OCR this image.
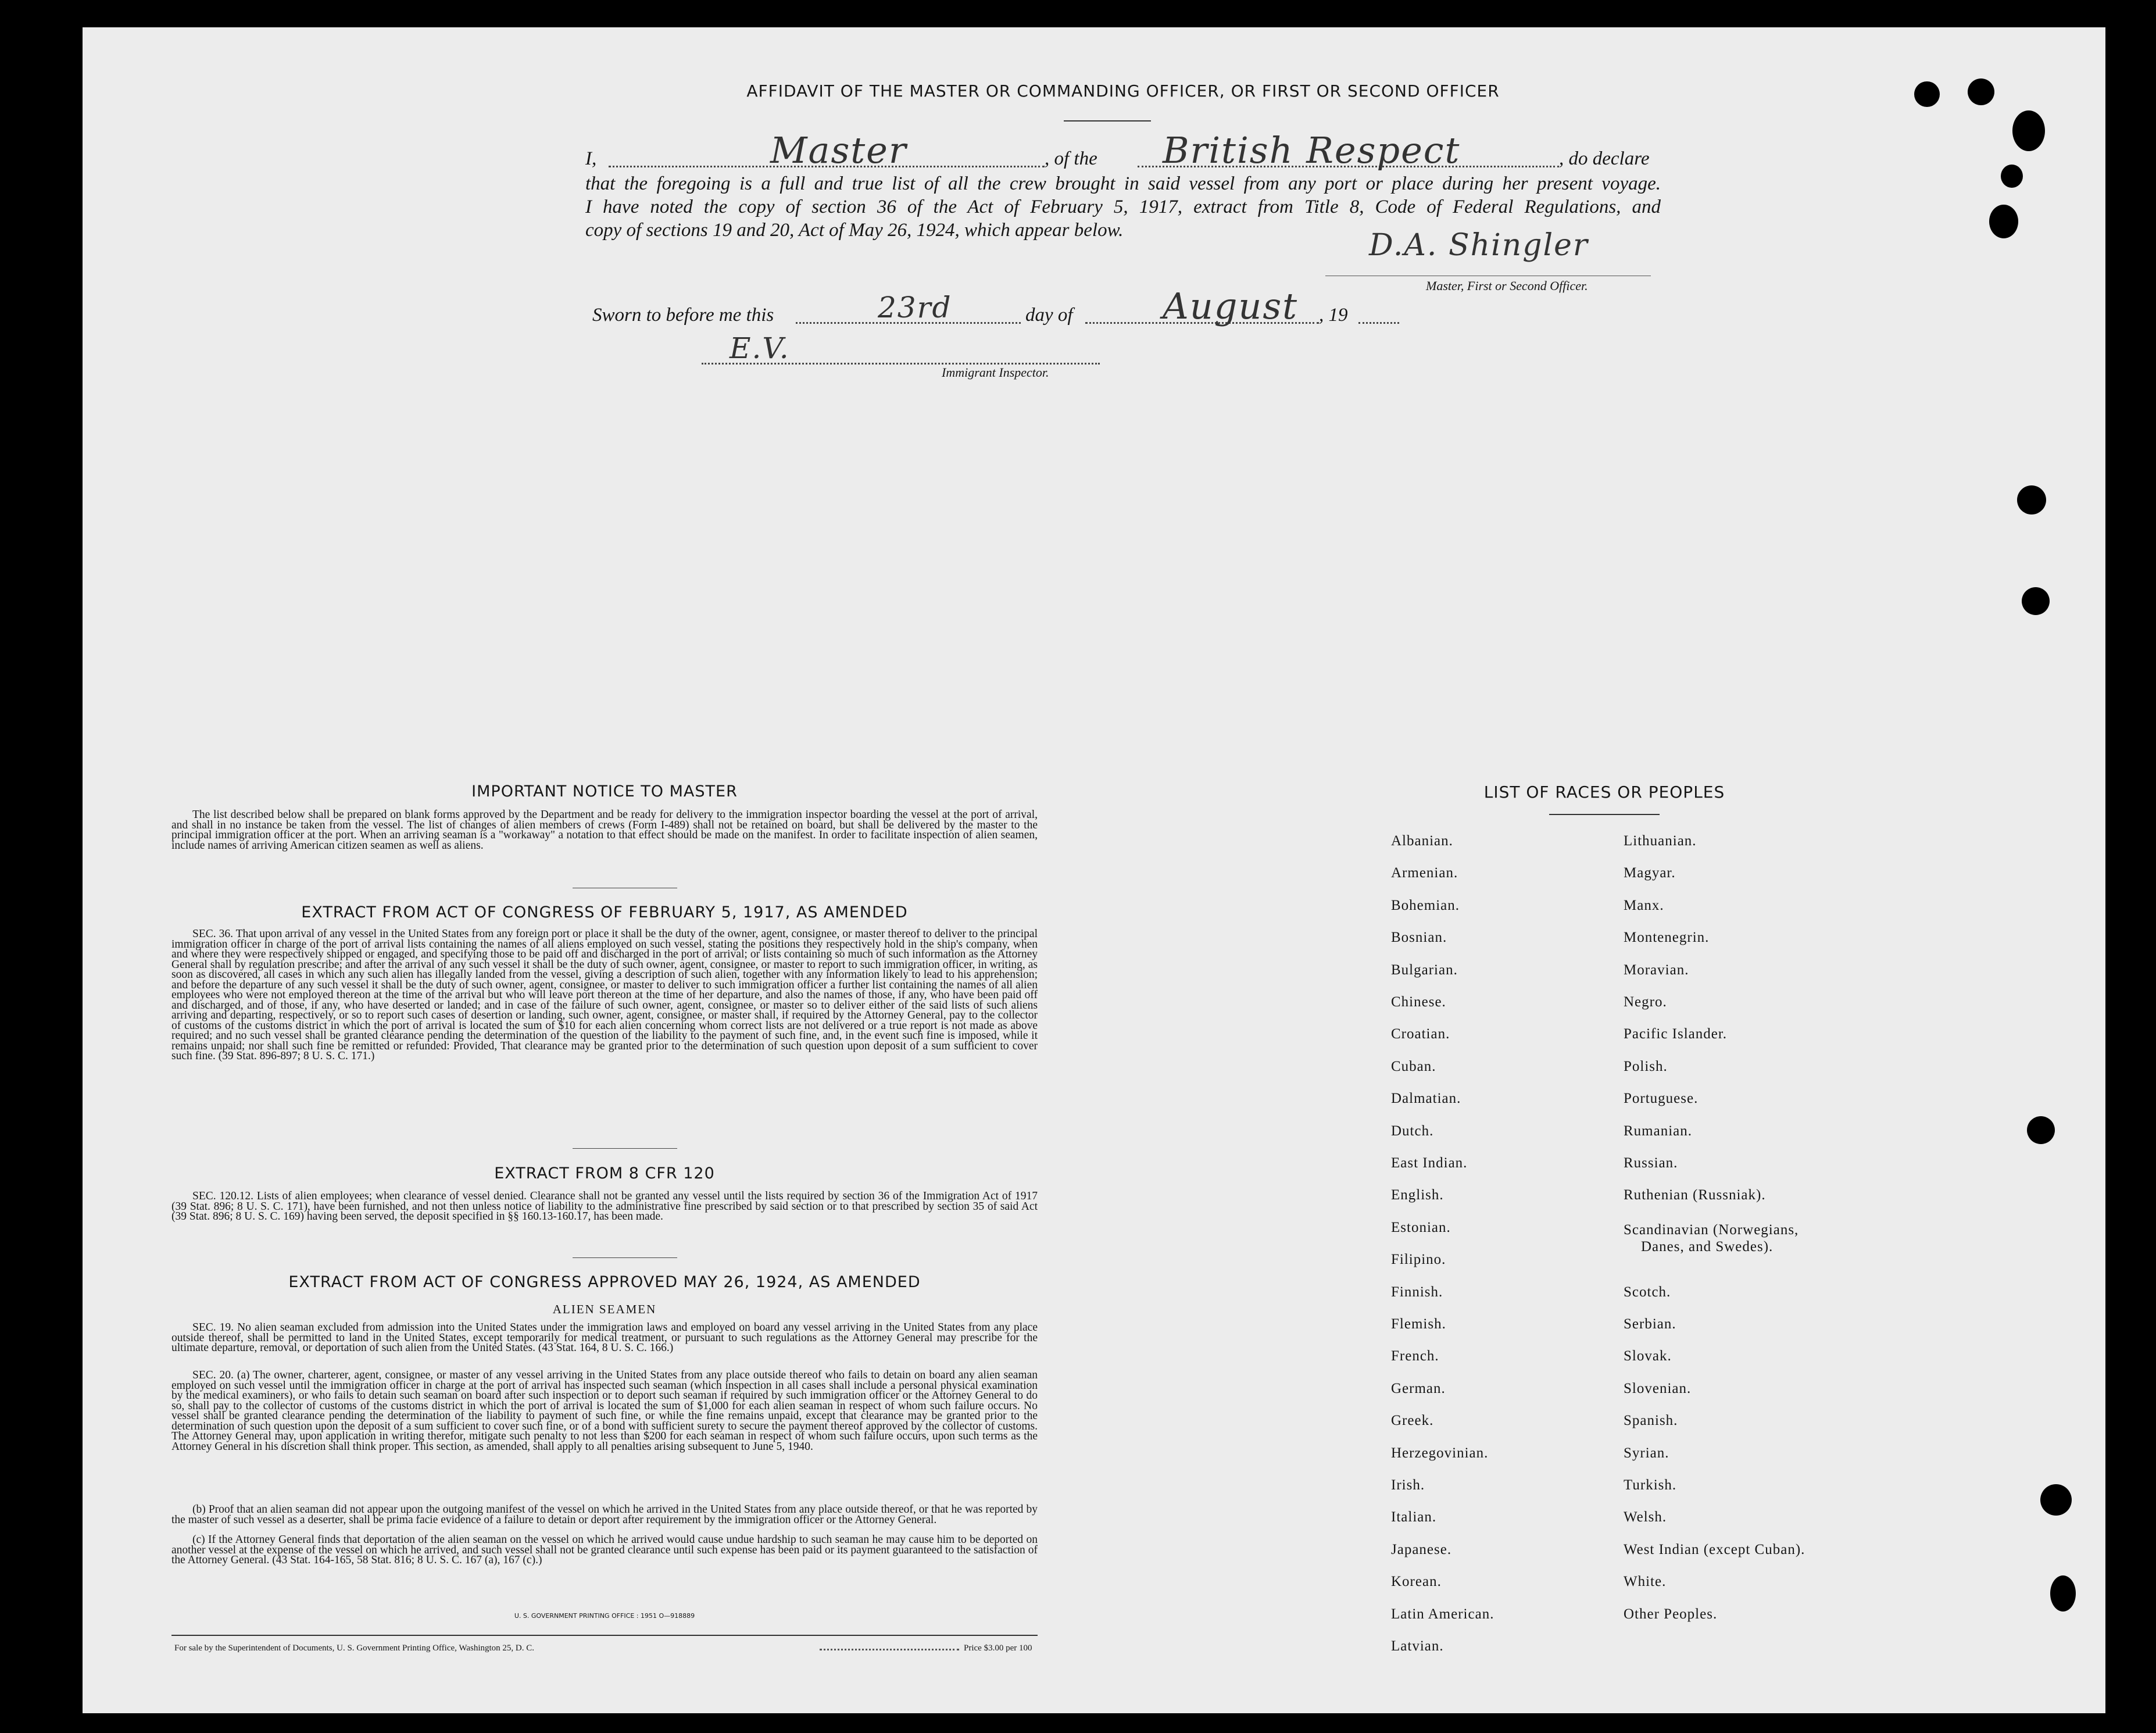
AFFIDAVIT OF THE MASTER OR COMMANDING OFFICER, OR FIRST OR SECOND OFFICER
I,	, of the	, do declare
Master	British Respect
that the foregoing is a full and true list of all the crew brought in said vessel from any port or place during her present voyage.
I have noted the copy of section 36 of the Act of February 5, 1917, extract from Title 8, Code of Federal Regulations, and
copy of sections 19 and 20, Act of May 26, 1924, which appear below.	D.A. Shingler
Master, First or Second Officer.
Sworn to before me this	day of	, 19
23rd	August
E.V.
Immigrant Inspector.
IMPORTANT NOTICE TO MASTER
The list described below shall be prepared on blank forms approved by the Department and be ready for delivery to the immigration inspector boarding the vessel at the port of arrival, and shall in no instance be taken from the vessel. The list of changes of alien members of crews (Form I-489) shall not be retained on board, but shall be delivered by the master to the principal immigration officer at the port. When an arriving seaman is a "workaway" a notation to that effect should be made on the manifest. In order to facilitate inspection of alien seamen, include names of arriving American citizen seamen as well as aliens.
EXTRACT FROM ACT OF CONGRESS OF FEBRUARY 5, 1917, AS AMENDED
SEC. 36. That upon arrival of any vessel in the United States from any foreign port or place it shall be the duty of the owner, agent, consignee, or master thereof to deliver to the principal immigration officer in charge of the port of arrival lists containing the names of all aliens employed on such vessel, stating the positions they respectively hold in the ship's company, when and where they were respectively shipped or engaged, and specifying those to be paid off and discharged in the port of arrival; or lists containing so much of such information as the Attorney General shall by regulation prescribe; and after the arrival of any such vessel it shall be the duty of such owner, agent, consignee, or master to report to such immigration officer, in writing, as soon as discovered, all cases in which any such alien has illegally landed from the vessel, giving a description of such alien, together with any information likely to lead to his apprehension; and before the departure of any such vessel it shall be the duty of such owner, agent, consignee, or master to deliver to such immigration officer a further list containing the names of all alien employees who were not employed thereon at the time of the arrival but who will leave port thereon at the time of her departure, and also the names of those, if any, who have been paid off and discharged, and of those, if any, who have deserted or landed; and in case of the failure of such owner, agent, consignee, or master so to deliver either of the said lists of such aliens arriving and departing, respectively, or so to report such cases of desertion or landing, such owner, agent, consignee, or master shall, if required by the Attorney General, pay to the collector of customs of the customs district in which the port of arrival is located the sum of $10 for each alien concerning whom correct lists are not delivered or a true report is not made as above required; and no such vessel shall be granted clearance pending the determination of the question of the liability to the payment of such fine, and, in the event such fine is imposed, while it remains unpaid; nor shall such fine be remitted or refunded: Provided, That clearance may be granted prior to the determination of such question upon deposit of a sum sufficient to cover such fine. (39 Stat. 896-897; 8 U. S. C. 171.)
EXTRACT FROM 8 CFR 120
SEC. 120.12. Lists of alien employees; when clearance of vessel denied. Clearance shall not be granted any vessel until the lists required by section 36 of the Immigration Act of 1917 (39 Stat. 896; 8 U. S. C. 171), have been furnished, and not then unless notice of liability to the administrative fine prescribed by said section or to that prescribed by section 35 of said Act (39 Stat. 896; 8 U. S. C. 169) having been served, the deposit specified in §§ 160.13-160.17, has been made.
EXTRACT FROM ACT OF CONGRESS APPROVED MAY 26, 1924, AS AMENDED
ALIEN SEAMEN
SEC. 19. No alien seaman excluded from admission into the United States under the immigration laws and employed on board any vessel arriving in the United States from any place outside thereof, shall be permitted to land in the United States, except temporarily for medical treatment, or pursuant to such regulations as the Attorney General may prescribe for the ultimate departure, removal, or deportation of such alien from the United States. (43 Stat. 164, 8 U. S. C. 166.)
SEC. 20. (a) The owner, charterer, agent, consignee, or master of any vessel arriving in the United States from any place outside thereof who fails to detain on board any alien seaman employed on such vessel until the immigration officer in charge at the port of arrival has inspected such seaman (which inspection in all cases shall include a personal physical examination by the medical examiners), or who fails to detain such seaman on board after such inspection or to deport such seaman if required by such immigration officer or the Attorney General to do so, shall pay to the collector of customs of the customs district in which the port of arrival is located the sum of $1,000 for each alien seaman in respect of whom such failure occurs. No vessel shall be granted clearance pending the determination of the liability to payment of such fine, or while the fine remains unpaid, except that clearance may be granted prior to the determination of such question upon the deposit of a sum sufficient to cover such fine, or of a bond with sufficient surety to secure the payment thereof approved by the collector of customs. The Attorney General may, upon application in writing therefor, mitigate such penalty to not less than $200 for each seaman in respect of whom such failure occurs, upon such terms as the Attorney General in his discretion shall think proper. This section, as amended, shall apply to all penalties arising subsequent to June 5, 1940.
(b) Proof that an alien seaman did not appear upon the outgoing manifest of the vessel on which he arrived in the United States from any place outside thereof, or that he was reported by the master of such vessel as a deserter, shall be prima facie evidence of a failure to detain or deport after requirement by the immigration officer or the Attorney General.
(c) If the Attorney General finds that deportation of the alien seaman on the vessel on which he arrived would cause undue hardship to such seaman he may cause him to be deported on another vessel at the expense of the vessel on which he arrived, and such vessel shall not be granted clearance until such expense has been paid or its payment guaranteed to the satisfaction of the Attorney General. (43 Stat. 164-165, 58 Stat. 816; 8 U. S. C. 167 (a), 167 (c).)
U. S. GOVERNMENT PRINTING OFFICE : 1951 O—918889
For sale by the Superintendent of Documents, U. S. Government Printing Office, Washington 25, D. C.	Price $3.00 per 100
LIST OF RACES OR PEOPLES
Albanian.
Armenian.
Bohemian.
Bosnian.
Bulgarian.
Chinese.
Croatian.
Cuban.
Dalmatian.
Dutch.
East Indian.
English.
Estonian.
Filipino.
Finnish.
Flemish.
French.
German.
Greek.
Herzegovinian.
Irish.
Italian.
Japanese.
Korean.
Latin American.
Latvian.
Lithuanian.
Magyar.
Manx.
Montenegrin.
Moravian.
Negro.
Pacific Islander.
Polish.
Portuguese.
Rumanian.
Russian.
Ruthenian (Russniak).
Scandinavian (Norwegians,
Danes, and Swedes).
Scotch.
Serbian.
Slovak.
Slovenian.
Spanish.
Syrian.
Turkish.
Welsh.
West Indian (except Cuban).
White.
Other Peoples.
